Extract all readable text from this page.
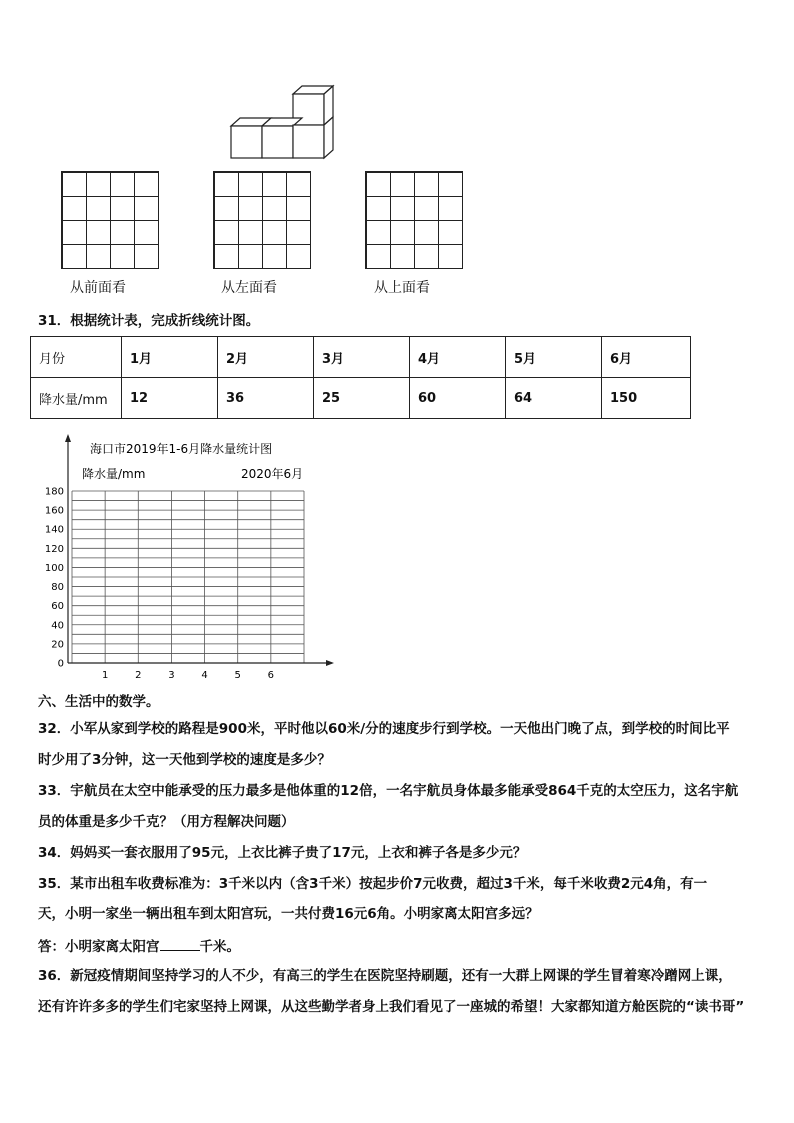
从前面看	从左面看	从上面看
31．根据统计表，完成折线统计图。
月份	1月	2月	3月	4月	5月	6月
降水量/mm	12	36	25	60	64	150
海口市2019年1-6月降水量统计图
降水量/mm	2020年6月
0
20
40
60
80
100
120
140
160
180
1	2	3	4	5	6
六、生活中的数学。
32．小军从家到学校的路程是900米，平时他以60米/分的速度步行到学校。一天他出门晚了点，到学校的时间比平
时少用了3分钟，这一天他到学校的速度是多少？
33．宇航员在太空中能承受的压力最多是他体重的12倍，一名宇航员身体最多能承受864千克的太空压力，这名宇航
员的体重是多少千克？（用方程解决问题）
34．妈妈买一套衣服用了95元，上衣比裤子贵了17元，上衣和裤子各是多少元？
35．某市出租车收费标准为：3千米以内（含3千米）按起步价7元收费，超过3千米，每千米收费2元4角，有一
天，小明一家坐一辆出租车到太阳宫玩，一共付费16元6角。小明家离太阳宫多远？
答：小明家离太阳宫	千米。
36．新冠疫情期间坚持学习的人不少，有高三的学生在医院坚持刷题，还有一大群上网课的学生冒着寒冷蹭网上课，
还有许许多多的学生们宅家坚持上网课，从这些勤学者身上我们看见了一座城的希望！大家都知道方舱医院的“读书哥”
